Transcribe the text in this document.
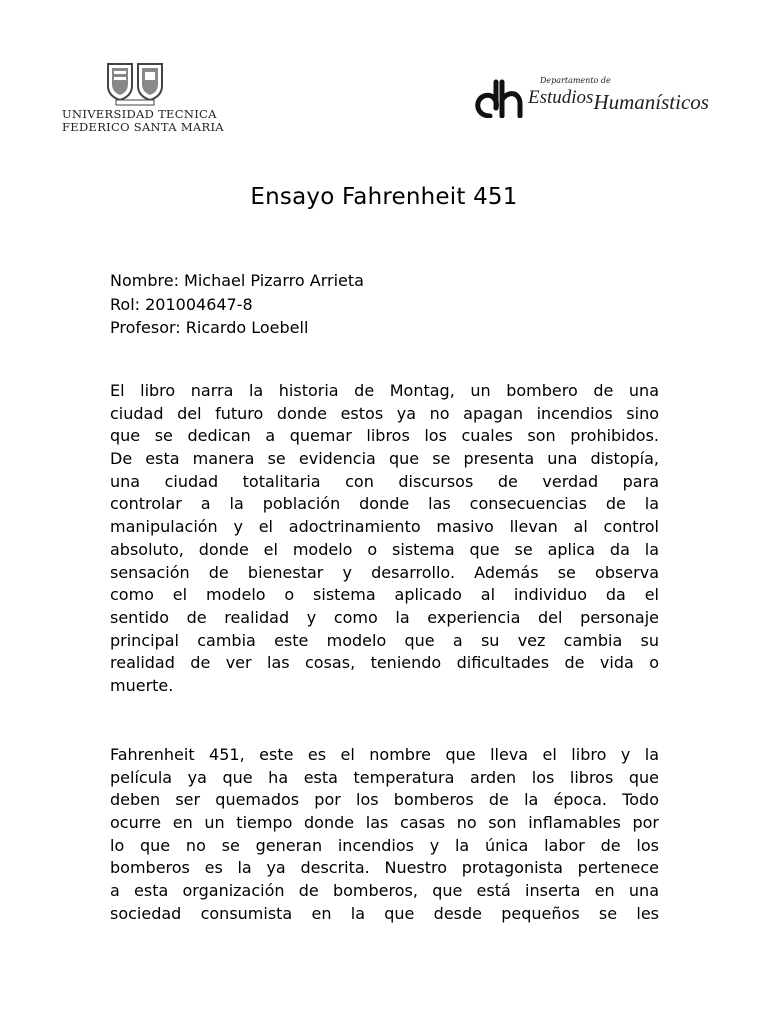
UNIVERSIDAD TECNICA
FEDERICO SANTA MARIA
Departamento de
EstudiosHumanísticos
Ensayo Fahrenheit 451
Nombre: Michael Pizarro Arrieta
Rol: 201004647-8
Profesor: Ricardo Loebell
El libro narra la historia de Montag, un bombero de una
ciudad del futuro donde estos ya no apagan incendios sino
que se dedican a quemar libros los cuales son prohibidos.
De esta manera se evidencia que se presenta una distopía,
una ciudad totalitaria con discursos de verdad para
controlar a la población donde las consecuencias de la
manipulación y el adoctrinamiento masivo llevan al control
absoluto, donde el modelo o sistema que se aplica da la
sensación de bienestar y desarrollo. Además se observa
como el modelo o sistema aplicado al individuo da el
sentido de realidad y como la experiencia del personaje
principal cambia este modelo que a su vez cambia su
realidad de ver las cosas, teniendo dificultades de vida o
muerte.
Fahrenheit 451, este es el nombre que lleva el libro y la
película ya que ha esta temperatura arden los libros que
deben ser quemados por los bomberos de la época. Todo
ocurre en un tiempo donde las casas no son inflamables por
lo que no se generan incendios y la única labor de los
bomberos es la ya descrita. Nuestro protagonista pertenece
a esta organización de bomberos, que está inserta en una
sociedad consumista en la que desde pequeños se les
